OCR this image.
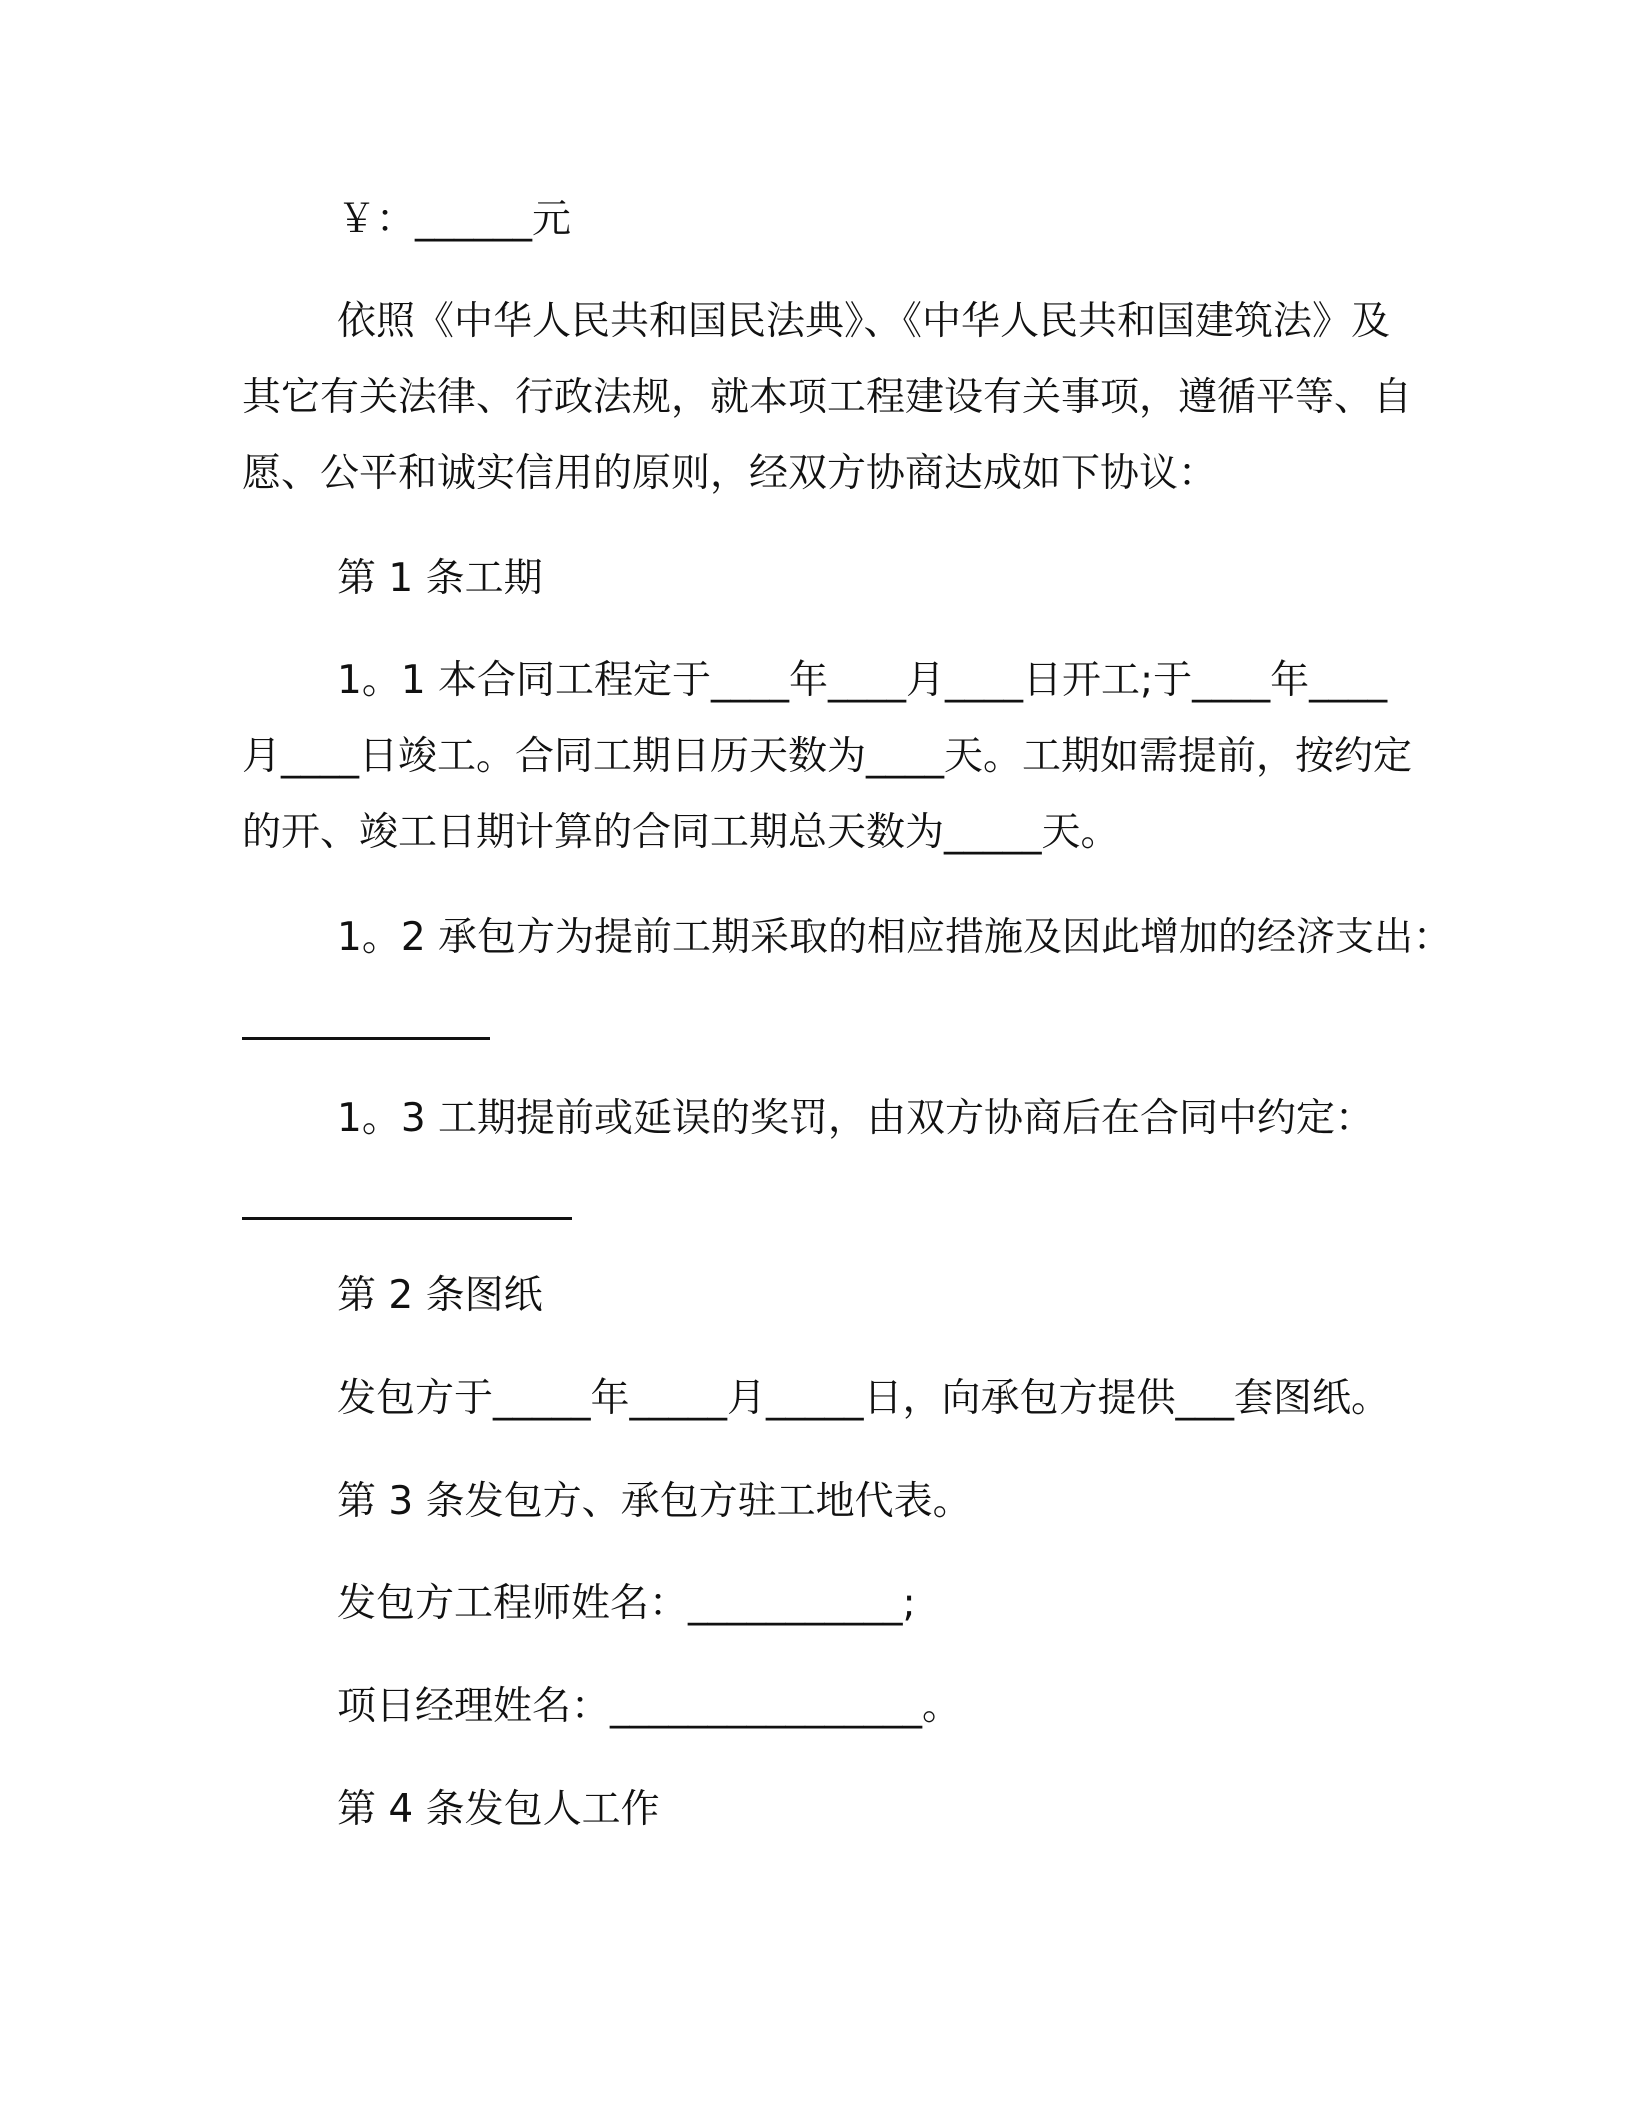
￥：______元
依照《中华人民共和国民法典》、《中华人民共和国建筑法》及
其它有关法律、行政法规，就本项工程建设有关事项，遵循平等、自
愿、公平和诚实信用的原则，经双方协商达成如下协议：
第 1 条工期
1。1 本合同工程定于____年____月____日开工;于____年____
月____日竣工。合同工期日历天数为____天。工期如需提前，按约定
的开、竣工日期计算的合同工期总天数为_____天。
1。2 承包方为提前工期采取的相应措施及因此增加的经济支出：
1。3 工期提前或延误的奖罚，由双方协商后在合同中约定：
第 2 条图纸
发包方于_____年_____月_____日，向承包方提供___套图纸。
第 3 条发包方、承包方驻工地代表。
发包方工程师姓名：___________;
项日经理姓名：________________。
第 4 条发包人工作
